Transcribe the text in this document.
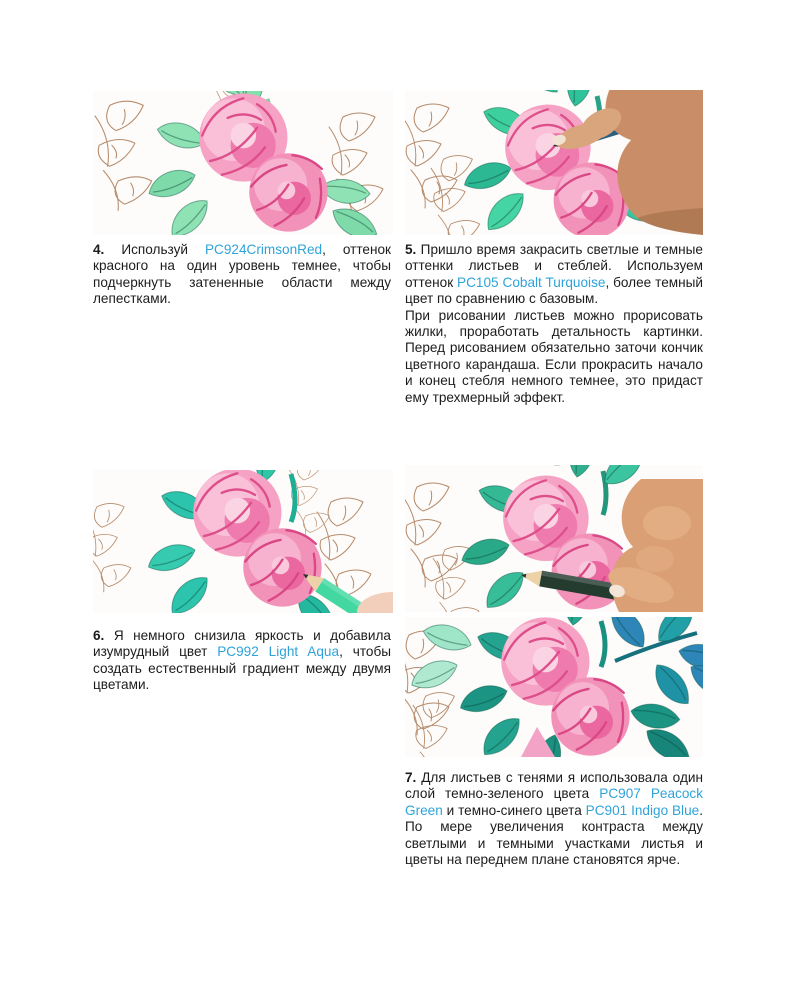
4. Используй PC924CrimsonRed, оттенок красного на один уровень темнее, чтобы подчеркнуть затененные области между лепестками.

5. Пришло время закрасить светлые и темные оттенки листьев и стеблей. Используем оттенок PC105 Cobalt Turquoise, более темный цвет по сравнению с базовым.

При рисовании листьев можно прорисовать жилки, проработать детальность картинки. Перед рисованием обязательно заточи кончик цветного карандаша. Если прокрасить начало и конец стебля немного темнее, это придаст ему трехмерный эффект.

6. Я немного снизила яркость и добавила изумрудный цвет PC992 Light Aqua, чтобы создать естественный градиент между двумя цветами.

7. Для листьев с тенями я использовала один слой темно-зеленого цвета PC907 Peacock Green и темно-синего цвета PC901 Indigo Blue. По мере увеличения контраста между светлыми и темными участками листья и цветы на переднем плане становятся ярче.
